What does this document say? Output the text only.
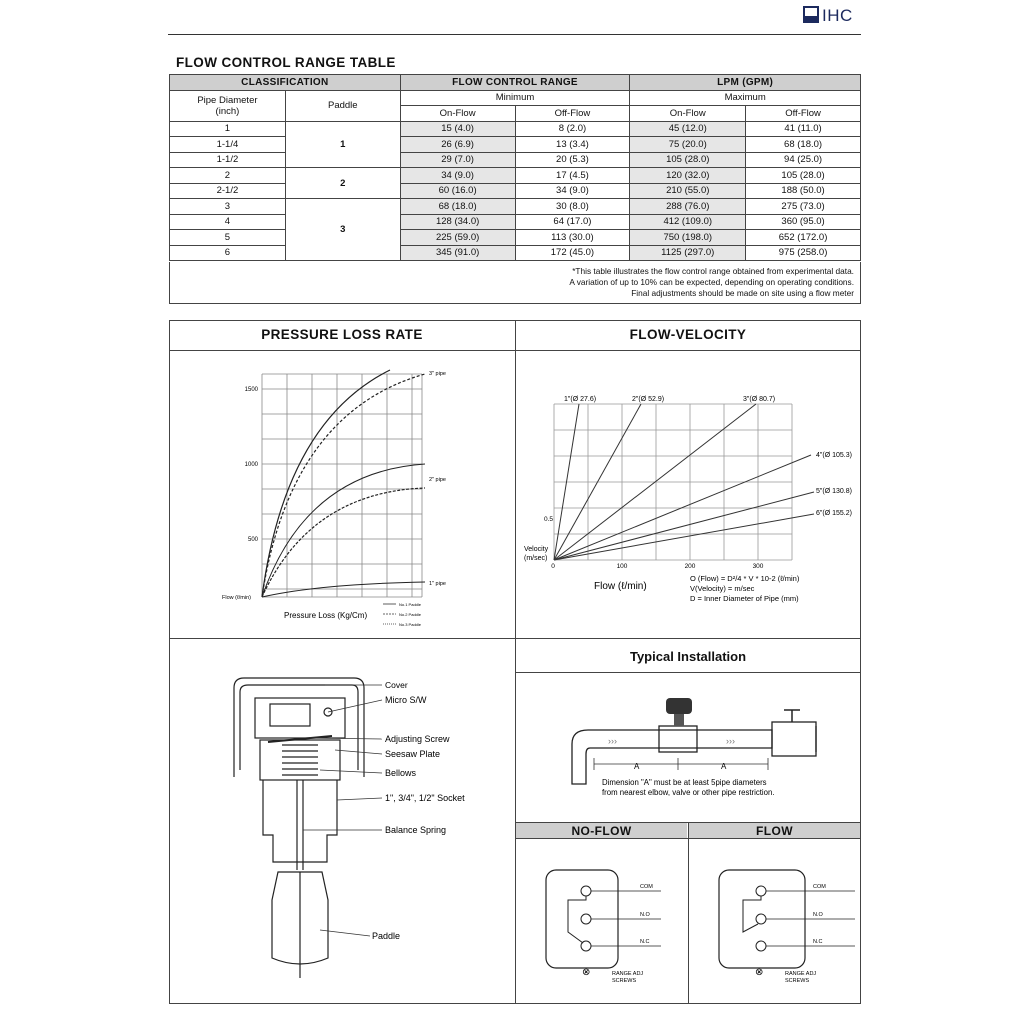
IHC
FLOW CONTROL RANGE TABLE
CLASSIFICATION		FLOW CONTROL RANGE		LPM (GPM)	
Pipe Diameter
(inch)	Paddle	Minimum		Maximum	
		On-Flow	Off-Flow	On-Flow	Off-Flow
1	1	15 (4.0)	8 (2.0)	45 (12.0)	41 (11.0)
1-1/4		26 (6.9)	13 (3.4)	75 (20.0)	68 (18.0)
1-1/2		29 (7.0)	20 (5.3)	105 (28.0)	94 (25.0)
2	2	34 (9.0)	17 (4.5)	120 (32.0)	105 (28.0)
2-1/2		60 (16.0)	34 (9.0)	210 (55.0)	188 (50.0)
3	3	68 (18.0)	30 (8.0)	288 (76.0)	275 (73.0)
4		128 (34.0)	64 (17.0)	412 (109.0)	360 (95.0)
5		225 (59.0)	113 (30.0)	750 (198.0)	652 (172.0)
6		345 (91.0)	172 (45.0)	1125 (297.0)	975 (258.0)
*This table illustrates the flow control range obtained from experimental data.
A variation of up to 10% can be expected, depending on operating conditions.
Final adjustments should be made on site using a flow meter
PRESSURE LOSS RATE	FLOW-VELOCITY
Typical Installation
NO-FLOW	FLOW
1500
1000
500
Flow (ℓ/min)
Pressure Loss (Kg/Cm)
3" pipe
2" pipe
1" pipe
No.1 Paddle
No.2 Paddle
No.3 Paddle
1"(Ø 27.6)	2"(Ø 52.9)	3"(Ø 80.7)
4"(Ø 105.3)
5"(Ø 130.8)
6"(Ø 155.2)
0.5
Velocity
(m/sec)
0	100	200	300
Flow (ℓ/min)
O (Flow) = D²/4 * V * 10-2 (ℓ/min)
V(Velocity) = m/sec
D = Inner Diameter of Pipe (mm)
Cover
Micro S/W
Adjusting Screw
Seesaw Plate
Bellows
1", 3/4", 1/2" Socket
Balance Spring
Paddle
›››	›››
A	A
Dimension "A" must be at least 5pipe diameters
from nearest elbow, valve or other pipe restriction.
COM
N.O
N.C
⊗	RANGE ADJ
SCREWS
COM
N.O
N.C
⊗	RANGE ADJ
SCREWS
